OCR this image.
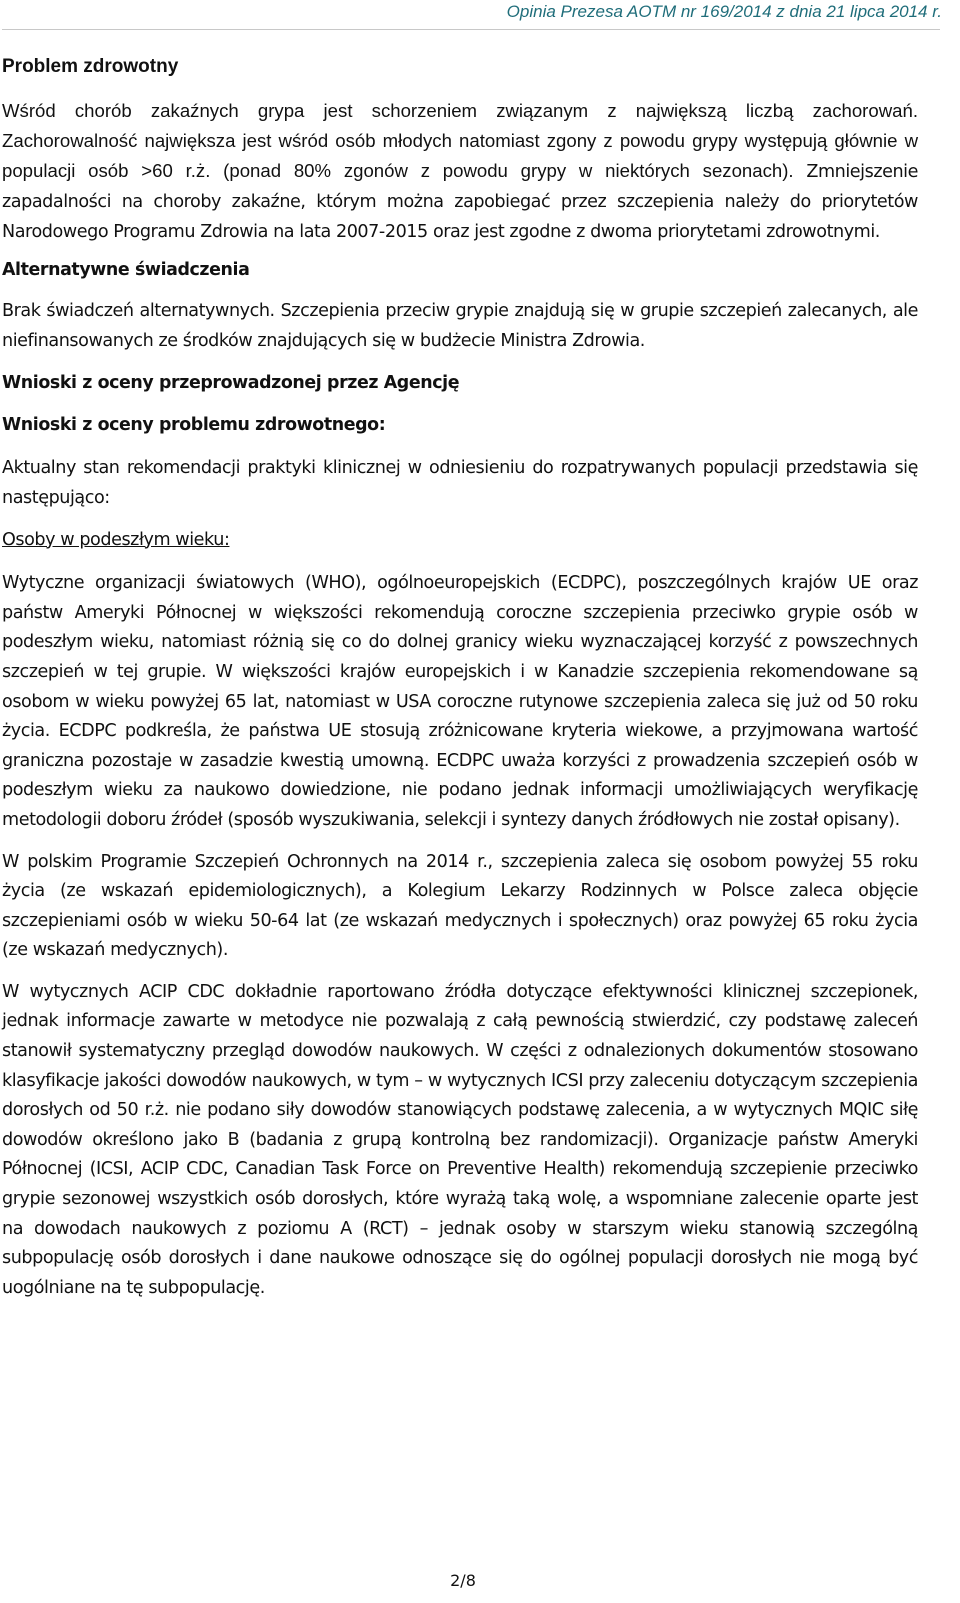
Opinia Prezesa AOTM nr 169/2014 z dnia 21 lipca 2014 r.
Problem zdrowotny

Wśród chorób zakaźnych grypa jest schorzeniem związanym z największą liczbą zachorowań. Zachorowalność największa jest wśród osób młodych natomiast zgony z powodu grypy występują głównie w populacji osób >60 r.ż. (ponad 80% zgonów z powodu grypy w niektórych sezonach). Zmniejszenie zapadalności na choroby zakaźne, którym można zapobiegać przez szczepienia należy do priorytetów Narodowego Programu Zdrowia na lata 2007-2015 oraz jest zgodne z dwoma priorytetami zdrowotnymi.

Alternatywne świadczenia

Brak świadczeń alternatywnych. Szczepienia przeciw grypie znajdują się w grupie szczepień zalecanych, ale niefinansowanych ze środków znajdujących się w budżecie Ministra Zdrowia.

Wnioski z oceny przeprowadzonej przez Agencję
Wnioski z oceny problemu zdrowotnego:

Aktualny stan rekomendacji praktyki klinicznej w odniesieniu do rozpatrywanych populacji przedstawia się następująco:

Osoby w podeszłym wieku:

Wytyczne organizacji światowych (WHO), ogólnoeuropejskich (ECDPC), poszczególnych krajów UE oraz państw Ameryki Północnej w większości rekomendują coroczne szczepienia przeciwko grypie osób w podeszłym wieku, natomiast różnią się co do dolnej granicy wieku wyznaczającej korzyść z powszechnych szczepień w tej grupie. W większości krajów europejskich i w Kanadzie szczepienia rekomendowane są osobom w wieku powyżej 65 lat, natomiast w USA coroczne rutynowe szczepienia zaleca się już od 50 roku życia. ECDPC podkreśla, że państwa UE stosują zróżnicowane kryteria wiekowe, a przyjmowana wartość graniczna pozostaje w zasadzie kwestią umowną. ECDPC uważa korzyści z prowadzenia szczepień osób w podeszłym wieku za naukowo dowiedzione, nie podano jednak informacji umożliwiających weryfikację metodologii doboru źródeł (sposób wyszukiwania, selekcji i syntezy danych źródłowych nie został opisany).

W polskim Programie Szczepień Ochronnych na 2014 r., szczepienia zaleca się osobom powyżej 55 roku życia (ze wskazań epidemiologicznych), a Kolegium Lekarzy Rodzinnych w Polsce zaleca objęcie szczepieniami osób w wieku 50-64 lat (ze wskazań medycznych i społecznych) oraz powyżej 65 roku życia (ze wskazań medycznych).

W wytycznych ACIP CDC dokładnie raportowano źródła dotyczące efektywności klinicznej szczepionek, jednak informacje zawarte w metodyce nie pozwalają z całą pewnością stwierdzić, czy podstawę zaleceń stanowił systematyczny przegląd dowodów naukowych. W części z odnalezionych dokumentów stosowano klasyfikacje jakości dowodów naukowych, w tym – w wytycznych ICSI przy zaleceniu dotyczącym szczepienia dorosłych od 50 r.ż. nie podano siły dowodów stanowiących podstawę zalecenia, a w wytycznych MQIC siłę dowodów określono jako B (badania z grupą kontrolną bez randomizacji). Organizacje państw Ameryki Północnej (ICSI, ACIP CDC, Canadian Task Force on Preventive Health) rekomendują szczepienie przeciwko grypie sezonowej wszystkich osób dorosłych, które wyrażą taką wolę, a wspomniane zalecenie oparte jest na dowodach naukowych z poziomu A (RCT) – jednak osoby w starszym wieku stanowią szczególną subpopulację osób dorosłych i dane naukowe odnoszące się do ogólnej populacji dorosłych nie mogą być uogólniane na tę subpopulację.

2/8
